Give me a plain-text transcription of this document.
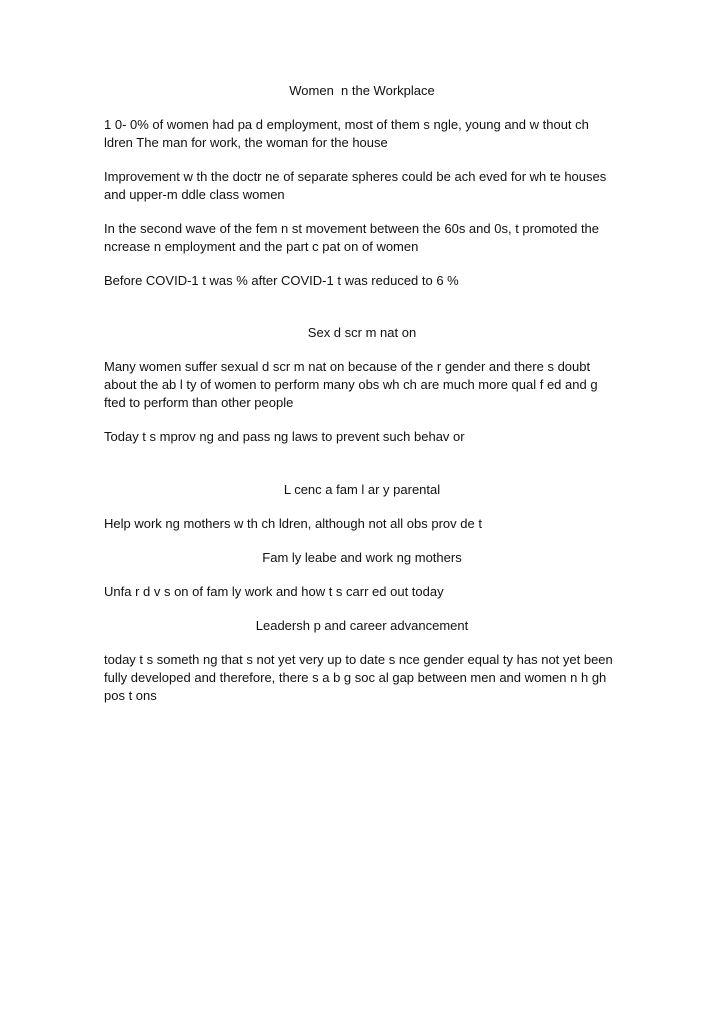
Women  n the Workplace

1 0- 0% of women had pa d employment, most of them s ngle, young and w thout ch ldren The man for work, the woman for the house

Improvement w th the doctr ne of separate spheres could be ach eved for wh te houses and upper-m ddle class women

In the second wave of the fem n st movement between the 60s and 0s, t promoted the ncrease n employment and the part c pat on of women

Before COVID-1 t was % after COVID-1 t was reduced to 6 %

Sex d scr m nat on

Many women suffer sexual d scr m nat on because of the r gender and there s doubt about the ab l ty of women to perform many obs wh ch are much more qual f ed and g fted to perform than other people

Today t s mprov ng and pass ng laws to prevent such behav or

L cenc a fam l ar y parental

Help work ng mothers w th ch ldren, although not all obs prov de t

Fam ly leabe and work ng mothers

Unfa r d v s on of fam ly work and how t s carr ed out today

Leadersh p and career advancement

today t s someth ng that s not yet very up to date s nce gender equal ty has not yet been fully developed and therefore, there s a b g soc al gap between men and women n h gh pos t ons
